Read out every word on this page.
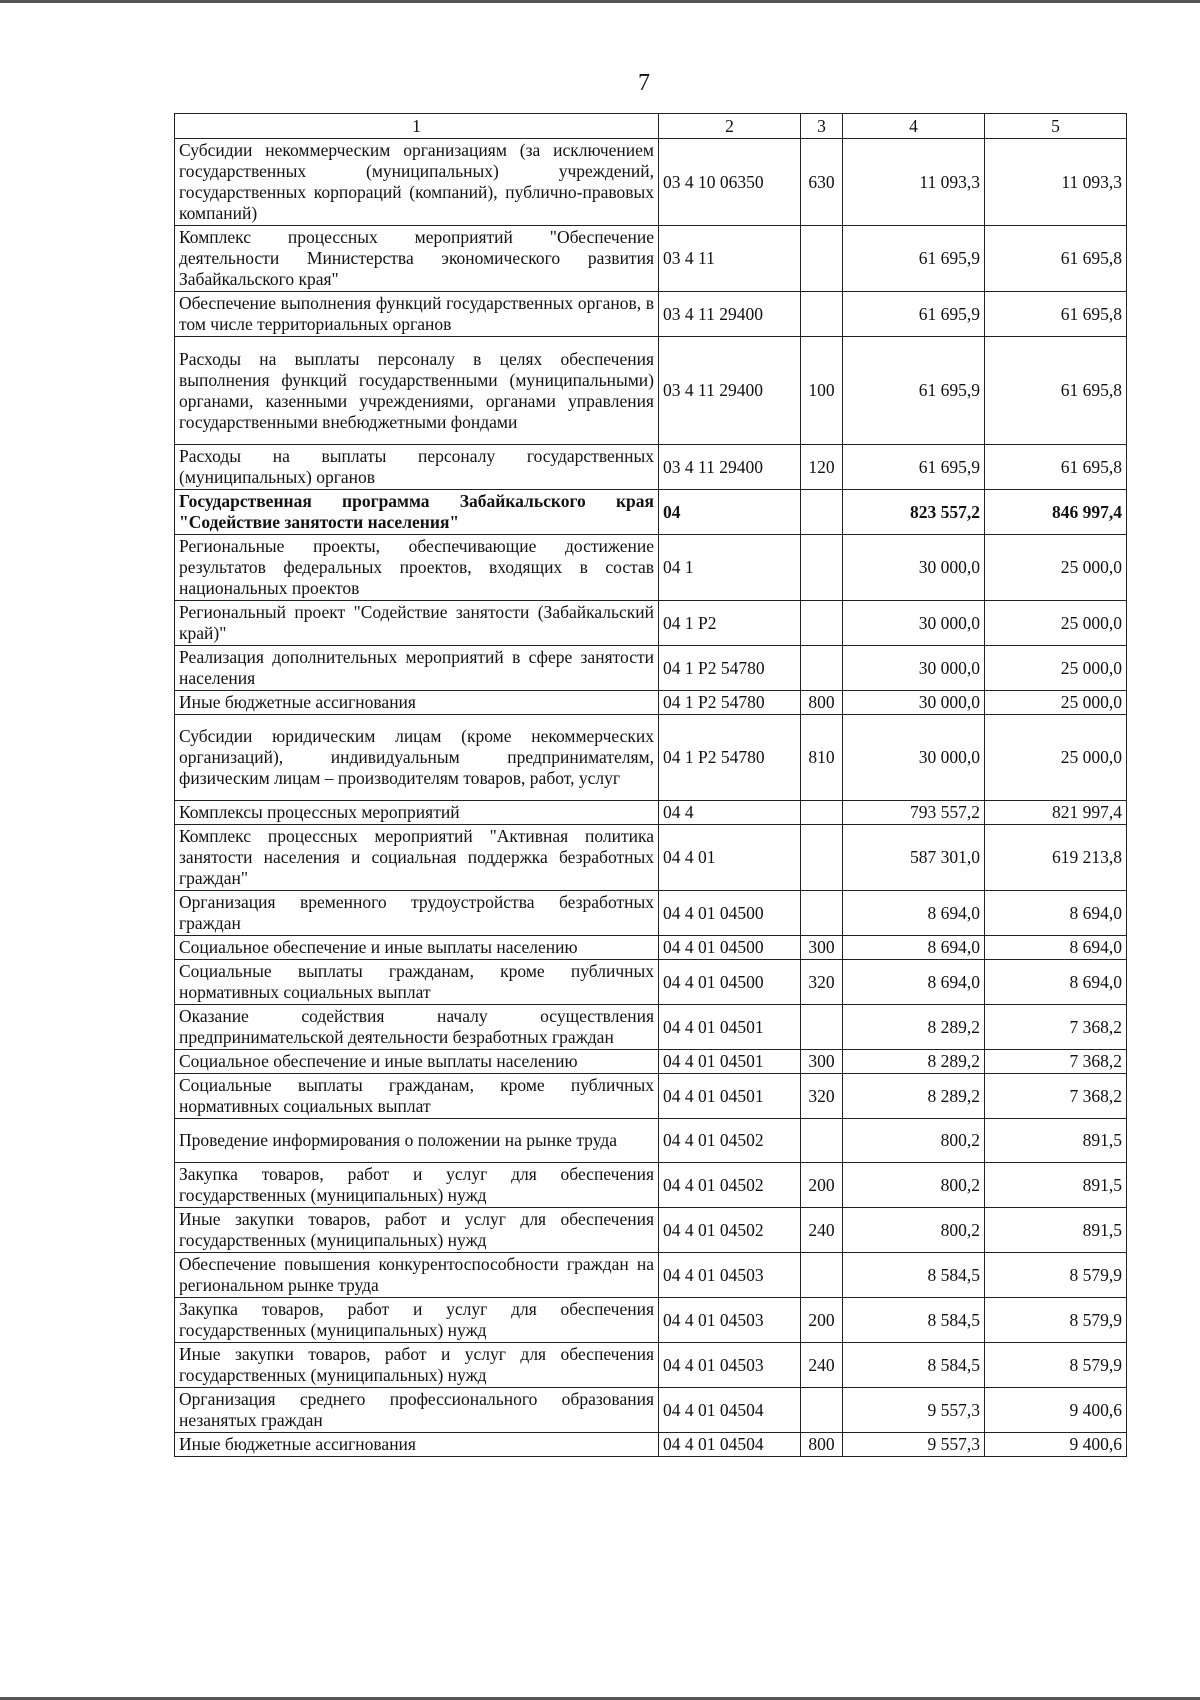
7
1	2	3	4	5
Субсидии некоммерческим организациям (за исключением государственных (муниципальных) учреждений, государственных корпораций (компаний), публично-правовых компаний)	03 4 10 06350	630	11 093,3	11 093,3
Комплекс процессных мероприятий "Обеспечение деятельности Министерства экономического развития Забайкальского края"	03 4 11		61 695,9	61 695,8
Обеспечение выполнения функций государственных органов, в том числе территориальных органов	03 4 11 29400		61 695,9	61 695,8
Расходы на выплаты персоналу в целях обеспечения выполнения функций государственными (муниципальными) органами, казенными учреждениями, органами управления государственными внебюджетными фондами	03 4 11 29400	100	61 695,9	61 695,8
Расходы на выплаты персоналу государственных (муниципальных) органов	03 4 11 29400	120	61 695,9	61 695,8
Государственная программа Забайкальского края "Содействие занятости населения"	04		823 557,2	846 997,4
Региональные проекты, обеспечивающие достижение результатов федеральных проектов, входящих в состав национальных проектов	04 1		30 000,0	25 000,0
Региональный проект "Содействие занятости (Забайкальский край)"	04 1 Р2		30 000,0	25 000,0
Реализация дополнительных мероприятий в сфере занятости населения	04 1 Р2 54780		30 000,0	25 000,0
Иные бюджетные ассигнования	04 1 Р2 54780	800	30 000,0	25 000,0
Субсидии юридическим лицам (кроме некоммерческих организаций), индивидуальным предпринимателям, физическим лицам – производителям товаров, работ, услуг	04 1 Р2 54780	810	30 000,0	25 000,0
Комплексы процессных мероприятий	04 4		793 557,2	821 997,4
Комплекс процессных мероприятий "Активная политика занятости населения и социальная поддержка безработных граждан"	04 4 01		587 301,0	619 213,8
Организация временного трудоустройства безработных граждан	04 4 01 04500		8 694,0	8 694,0
Социальное обеспечение и иные выплаты населению	04 4 01 04500	300	8 694,0	8 694,0
Социальные выплаты гражданам, кроме публичных нормативных социальных выплат	04 4 01 04500	320	8 694,0	8 694,0
Оказание содействия началу осуществления предпринимательской деятельности безработных граждан	04 4 01 04501		8 289,2	7 368,2
Социальное обеспечение и иные выплаты населению	04 4 01 04501	300	8 289,2	7 368,2
Социальные выплаты гражданам, кроме публичных нормативных социальных выплат	04 4 01 04501	320	8 289,2	7 368,2
Проведение информирования о положении на рынке труда	04 4 01 04502		800,2	891,5
Закупка товаров, работ и услуг для обеспечения государственных (муниципальных) нужд	04 4 01 04502	200	800,2	891,5
Иные закупки товаров, работ и услуг для обеспечения государственных (муниципальных) нужд	04 4 01 04502	240	800,2	891,5
Обеспечение повышения конкурентоспособности граждан на региональном рынке труда	04 4 01 04503		8 584,5	8 579,9
Закупка товаров, работ и услуг для обеспечения государственных (муниципальных) нужд	04 4 01 04503	200	8 584,5	8 579,9
Иные закупки товаров, работ и услуг для обеспечения государственных (муниципальных) нужд	04 4 01 04503	240	8 584,5	8 579,9
Организация среднего профессионального образования незанятых граждан	04 4 01 04504		9 557,3	9 400,6
Иные бюджетные ассигнования	04 4 01 04504	800	9 557,3	9 400,6
